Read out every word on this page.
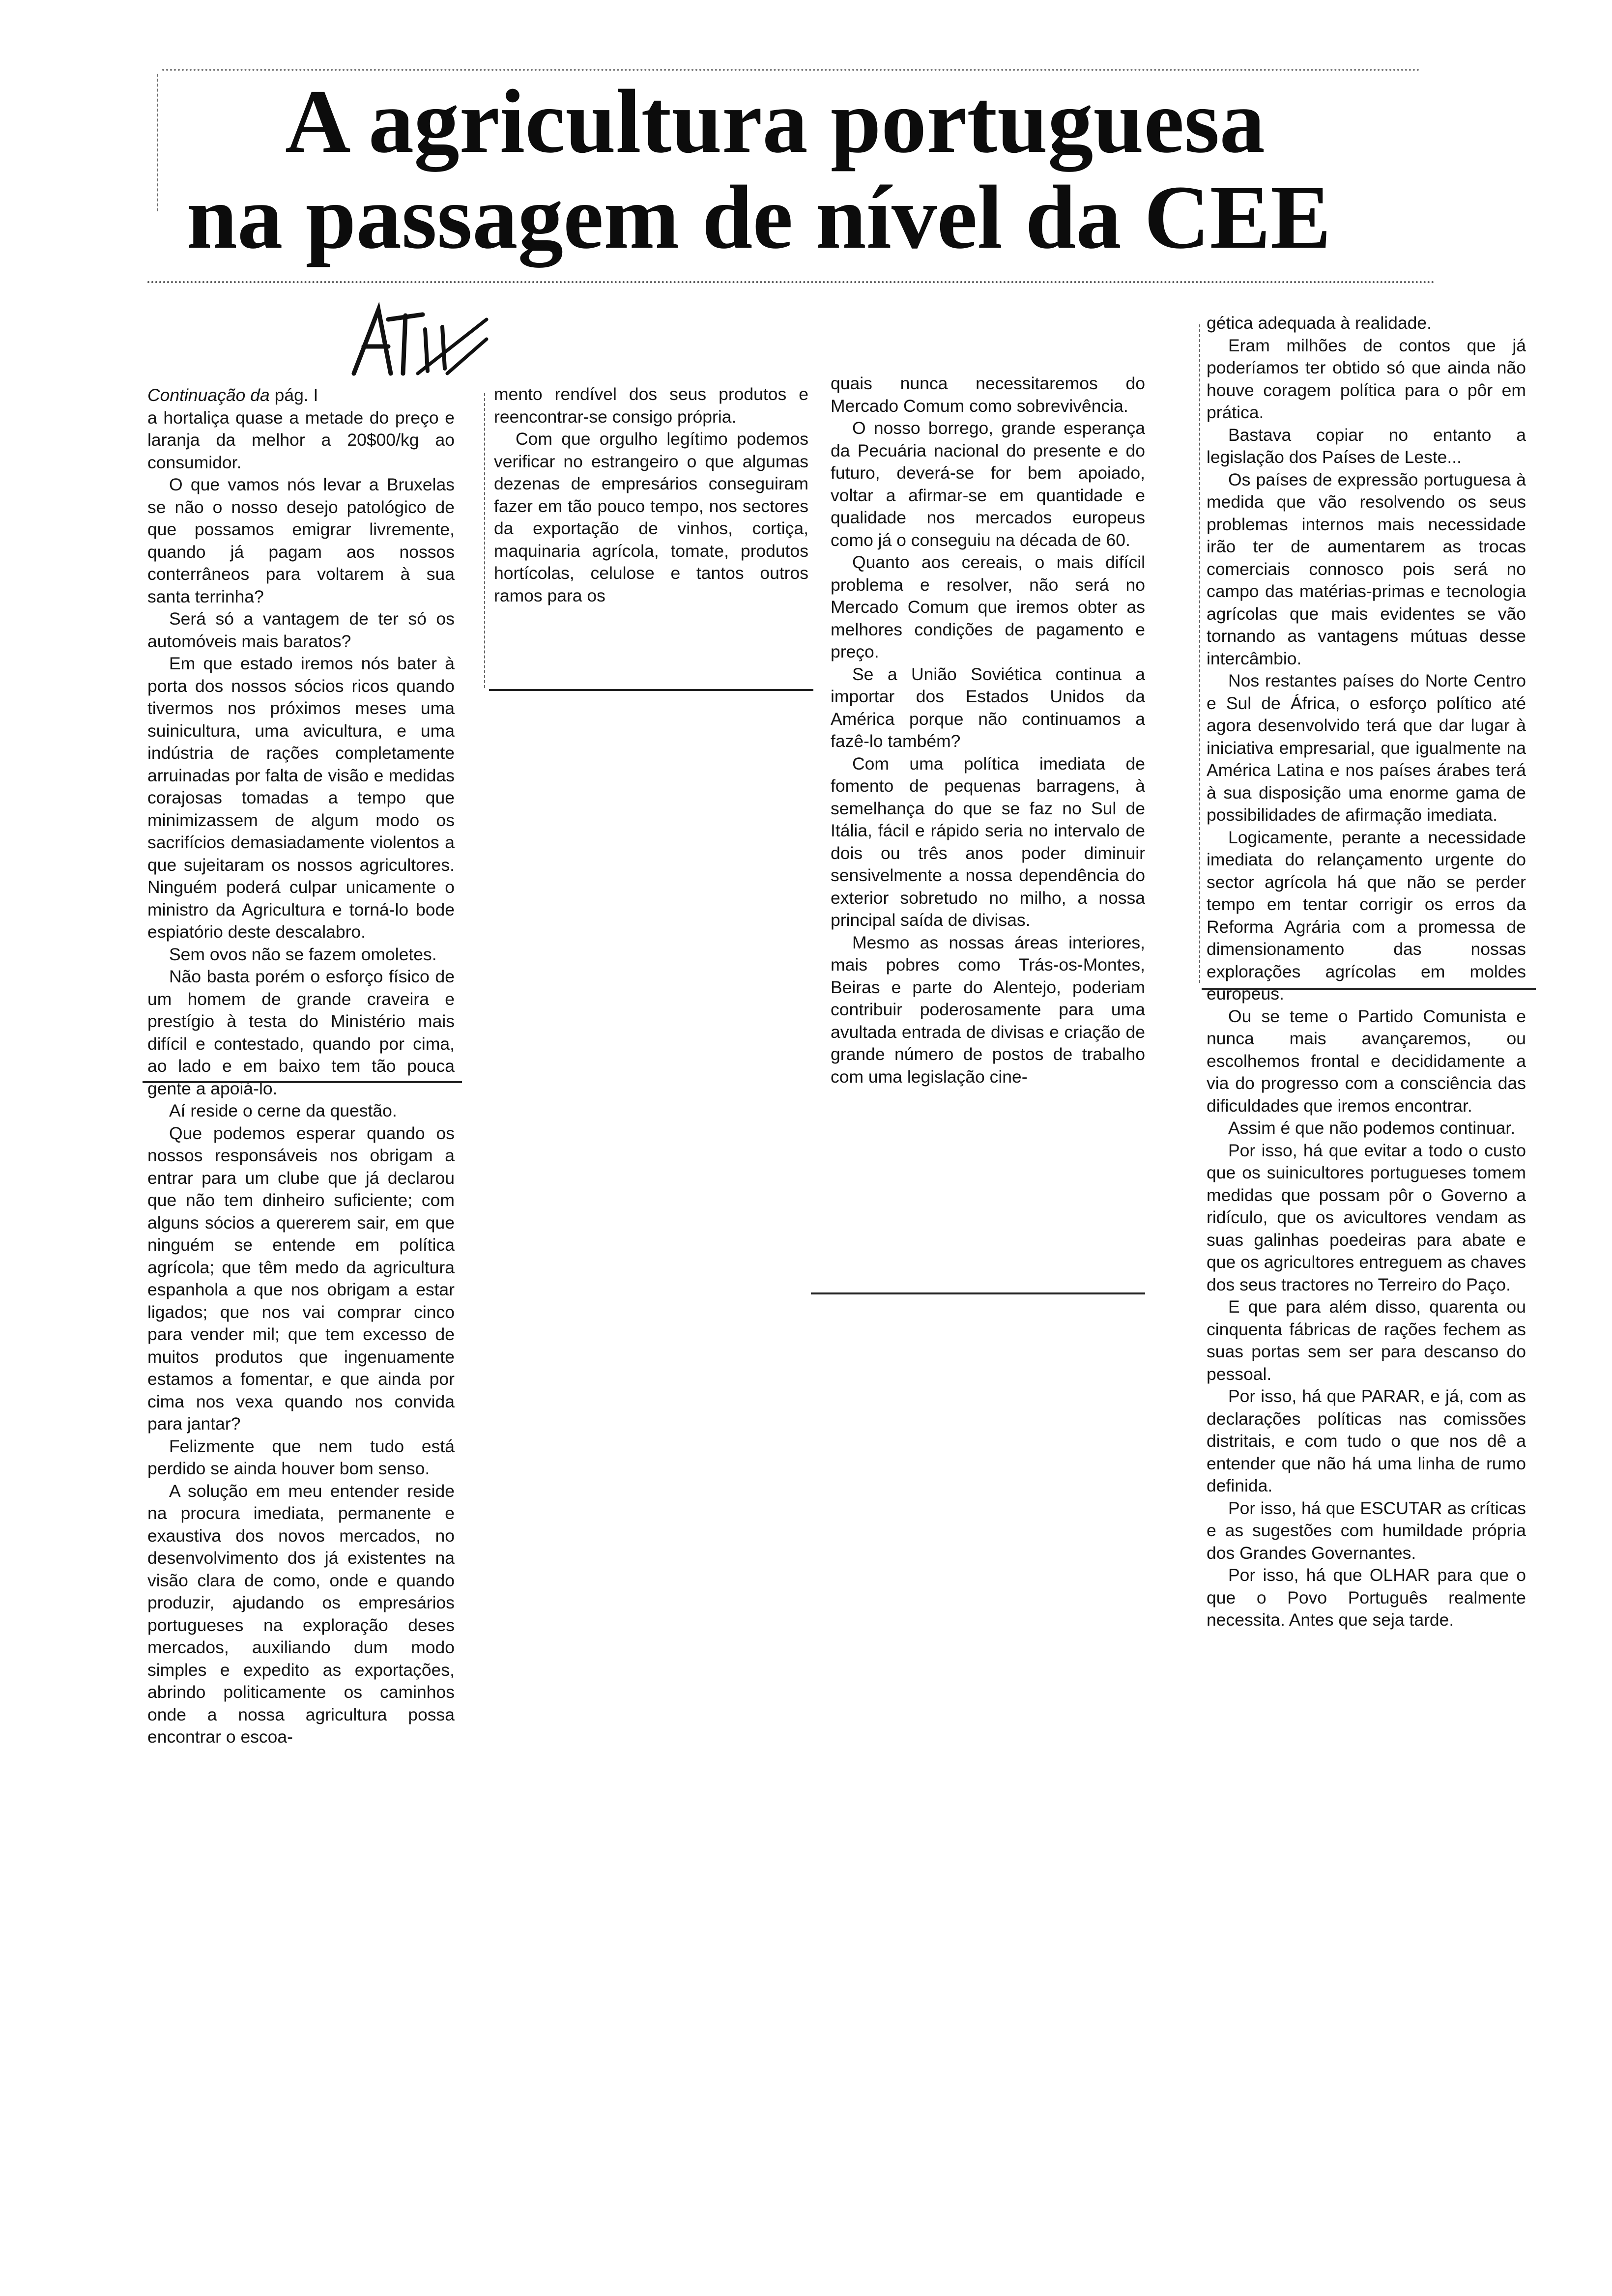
A agricultura portuguesa
na passagem de nível da CEE

Continuação da pág. I

a hortaliça quase a metade do preço e laranja da melhor a 20$00/kg ao consumidor.

O que vamos nós levar a Bruxelas se não o nosso desejo patológico de que possamos emigrar livremente, quando já pagam aos nossos conterrâneos para voltarem à sua santa terrinha?

Será só a vantagem de ter só os automóveis mais baratos?

Em que estado iremos nós bater à porta dos nossos sócios ricos quando tivermos nos próximos meses uma suinicultura, uma avicultura, e uma indústria de rações completamente arruinadas por falta de visão e medidas corajosas tomadas a tempo que minimizassem de algum modo os sacrifícios demasiadamente violentos a que sujeitaram os nossos agricultores. Ninguém poderá culpar unicamente o ministro da Agricultura e torná-lo bode espiatório deste descalabro.

Sem ovos não se fazem omoletes.

Não basta porém o esforço físico de um homem de grande craveira e prestígio à testa do Ministério mais difícil e contestado, quando por cima, ao lado e em baixo tem tão pouca gente a apoiá-lo.

Aí reside o cerne da questão.

Que podemos esperar quando os nossos responsáveis nos obrigam a entrar para um clube que já declarou que não tem dinheiro suficiente; com alguns sócios a quererem sair, em que ninguém se entende em política agrícola; que têm medo da agricultura espanhola a que nos obrigam a estar ligados; que nos vai comprar cinco para vender mil; que tem excesso de muitos produtos que ingenuamente estamos a fomentar, e que ainda por cima nos vexa quando nos convida para jantar?

Felizmente que nem tudo está perdido se ainda houver bom senso.

A solução em meu entender reside na procura imediata, permanente e exaustiva dos novos mercados, no desenvolvimento dos já existentes na visão clara de como, onde e quando produzir, ajudando os empresários portugueses na exploração deses mercados, auxiliando dum modo simples e expedito as exportações, abrindo politicamente os caminhos onde a nossa agricultura possa encontrar o escoa-

mento rendível dos seus produtos e reencontrar-se consigo própria.

Com que orgulho legítimo podemos verificar no estrangeiro o que algumas dezenas de empresários conseguiram fazer em tão pouco tempo, nos sectores da exportação de vinhos, cortiça, maquinaria agrícola, tomate, produtos hortícolas, celulose e tantos outros ramos para os

quais nunca necessitaremos do Mercado Comum como sobrevivência.

O nosso borrego, grande esperança da Pecuária nacional do presente e do futuro, deverá-se for bem apoiado, voltar a afirmar-se em quantidade e qualidade nos mercados europeus como já o conseguiu na década de 60.

Quanto aos cereais, o mais difícil problema e resolver, não será no Mercado Comum que iremos obter as melhores condições de pagamento e preço.

Se a União Soviética continua a importar dos Estados Unidos da América porque não continuamos a fazê-lo também?

Com uma política imediata de fomento de pequenas barragens, à semelhança do que se faz no Sul de Itália, fácil e rápido seria no intervalo de dois ou três anos poder diminuir sensivelmente a nossa dependência do exterior sobretudo no milho, a nossa principal saída de divisas.

Mesmo as nossas áreas interiores, mais pobres como Trás-os-Montes, Beiras e parte do Alentejo, poderiam contribuir poderosamente para uma avultada entrada de divisas e criação de grande número de postos de trabalho com uma legislação cine-

gética adequada à realidade.

Eram milhões de contos que já poderíamos ter obtido só que ainda não houve coragem política para o pôr em prática.

Bastava copiar no entanto a legislação dos Países de Leste...

Os países de expressão portuguesa à medida que vão resolvendo os seus problemas internos mais necessidade irão ter de aumentarem as trocas comerciais connosco pois será no campo das matérias-primas e tecnologia agrícolas que mais evidentes se vão tornando as vantagens mútuas desse intercâmbio.

Nos restantes países do Norte Centro e Sul de África, o esforço político até agora desenvolvido terá que dar lugar à iniciativa empresarial, que igualmente na América Latina e nos países árabes terá à sua disposição uma enorme gama de possibilidades de afirmação imediata.

Logicamente, perante a necessidade imediata do relançamento urgente do sector agrícola há que não se perder tempo em tentar corrigir os erros da Reforma Agrária com a promessa de dimensionamento das nossas explorações agrícolas em moldes europeus.

Ou se teme o Partido Comunista e nunca mais avançaremos, ou escolhemos frontal e decididamente a via do progresso com a consciência das dificuldades que iremos encontrar.

Assim é que não podemos continuar.

Por isso, há que evitar a todo o custo que os suinicultores portugueses tomem medidas que possam pôr o Governo a ridículo, que os avicultores vendam as suas galinhas poedeiras para abate e que os agricultores entreguem as chaves dos seus tractores no Terreiro do Paço.

E que para além disso, quarenta ou cinquenta fábricas de rações fechem as suas portas sem ser para descanso do pessoal.

Por isso, há que PARAR, e já, com as declarações políticas nas comissões distritais, e com tudo o que nos dê a entender que não há uma linha de rumo definida.

Por isso, há que ESCUTAR as críticas e as sugestões com humildade própria dos Grandes Governantes.

Por isso, há que OLHAR para que o que o Povo Português realmente necessita. Antes que seja tarde.
